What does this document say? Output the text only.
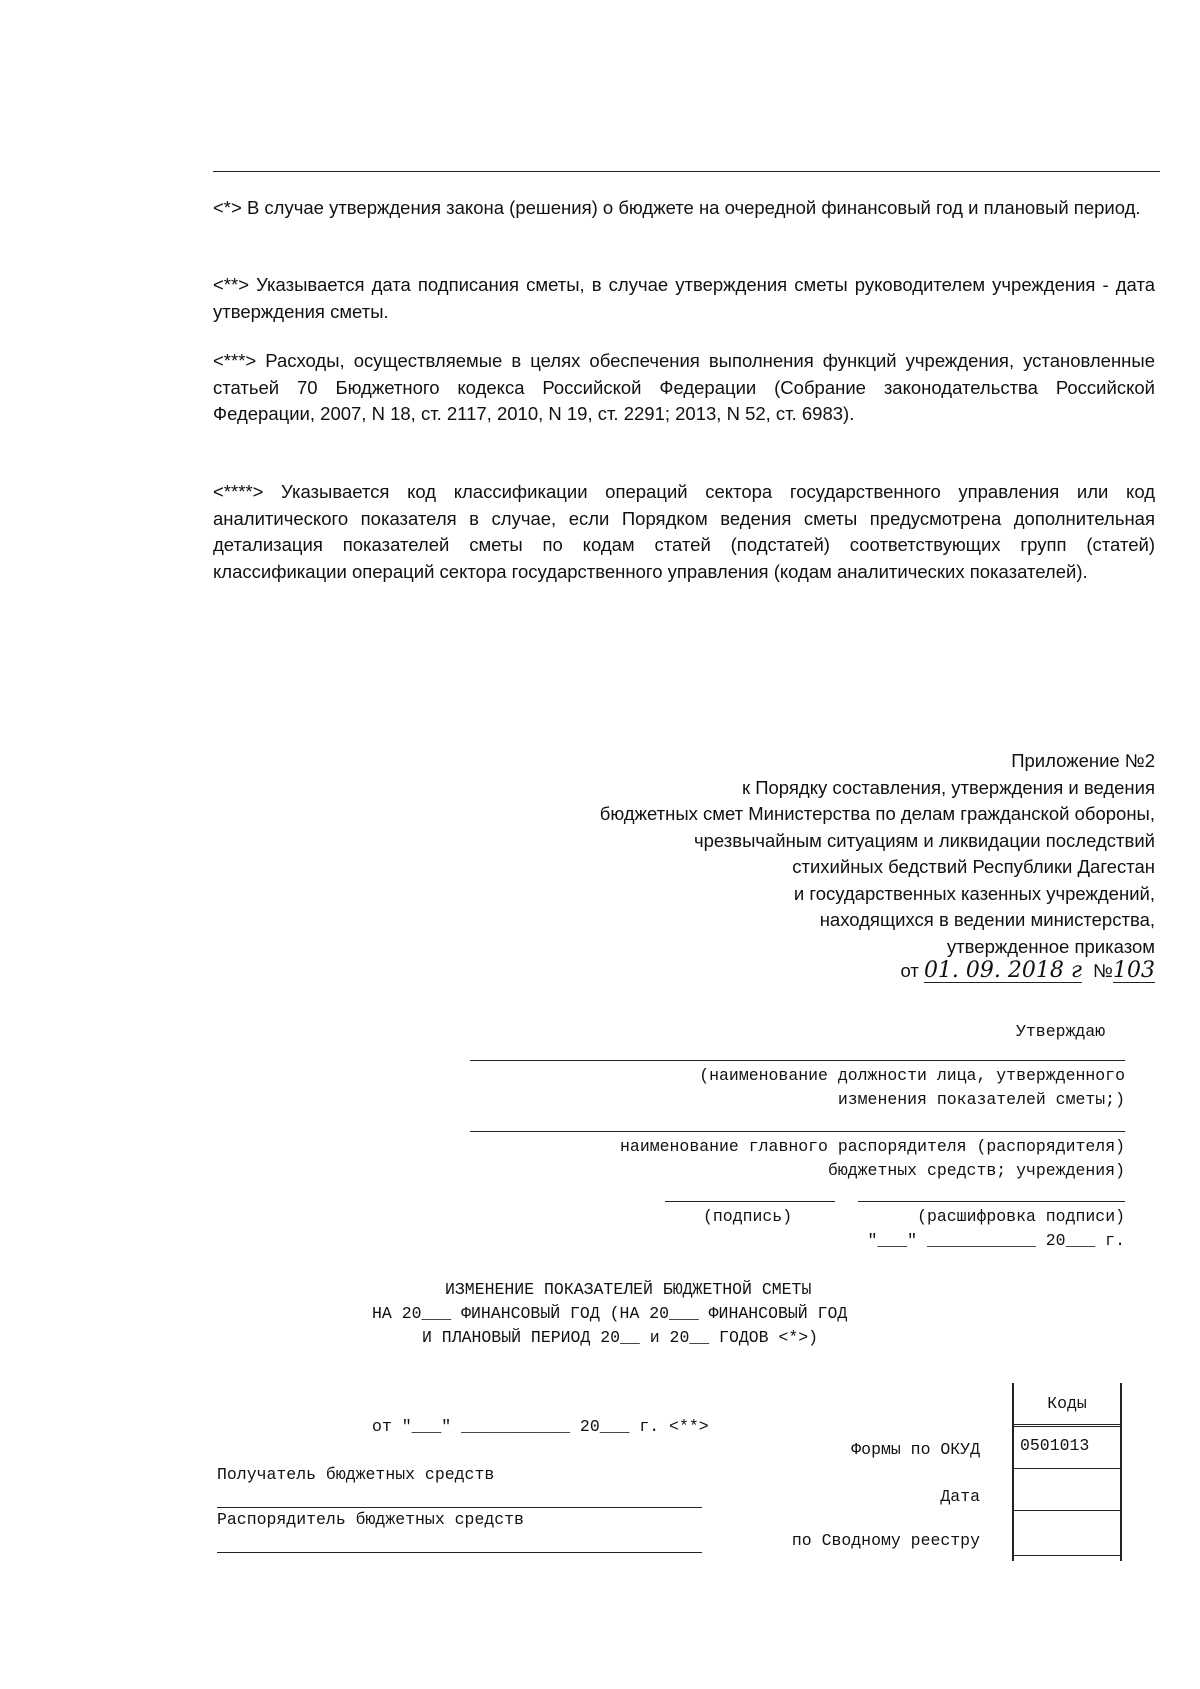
<*> В случае утверждения закона (решения) о бюджете на очередной финансовый год и плановый период.
<**> Указывается дата подписания сметы, в случае утверждения сметы руководителем учреждения - дата утверждения сметы.
<***> Расходы, осуществляемые в целях обеспечения выполнения функций учреждения, установленные статьей 70 Бюджетного кодекса Российской Федерации (Собрание законодательства Российской Федерации, 2007, N 18, ст. 2117, 2010, N 19, ст. 2291; 2013, N 52, ст. 6983).
<****> Указывается код классификации операций сектора государственного управления или код аналитического показателя в случае, если Порядком ведения сметы предусмотрена дополнительная детализация показателей сметы по кодам статей (подстатей) соответствующих групп (статей) классификации операций сектора государственного управления (кодам аналитических показателей).
Приложение №2
к Порядку составления, утверждения и ведения
бюджетных смет Министерства по делам гражданской обороны,
чрезвычайным ситуациям и ликвидации последствий
стихийных бедствий Республики Дагестан
и государственных казенных учреждений,
находящихся в ведении министерства,
утвержденное приказом
от 01. 09. 2018 г №103
Утверждаю
(наименование должности лица, утвержденного
изменения показателей сметы;)
наименование главного распорядителя (распорядителя)
бюджетных средств; учреждения)
(подпись)	(расшифровка подписи)
"___" ___________ 20___ г.
ИЗМЕНЕНИЕ ПОКАЗАТЕЛЕЙ БЮДЖЕТНОЙ СМЕТЫ
НА 20___ ФИНАНСОВЫЙ ГОД (НА 20___ ФИНАНСОВЫЙ ГОД
И ПЛАНОВЫЙ ПЕРИОД 20__ и 20__ ГОДОВ <*>)
от "___" ___________ 20___ г. <**>
Формы по ОКУД
Получатель бюджетных средств
Дата
Распорядитель бюджетных средств
по Сводному реестру
Коды
0501013
